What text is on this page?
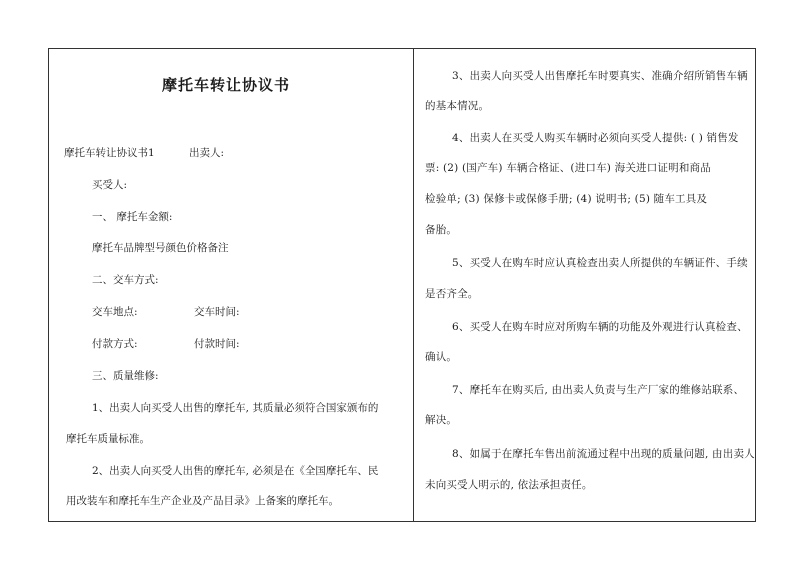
摩托车转让协议书
摩托车转让协议书1	出卖人:
买受人:
一、 摩托车金额:
摩托车品牌型号颜色价格备注
二、交车方式:
交车地点:	交车时间:
付款方式:	付款时间:
三、质量维修:
1、出卖人向买受人出售的摩托车, 其质量必须符合国家颁布的
摩托车质量标准。
2、出卖人向买受人出售的摩托车, 必须是在《全国摩托车、民
用改装车和摩托车生产企业及产品目录》上备案的摩托车。
3、出卖人向买受人出售摩托车时要真实、准确介绍所销售车辆
的基本情况。
4、出卖人在买受人购买车辆时必须向买受人提供: ( ) 销售发
票: (2) (国产车) 车辆合格证、(进口车) 海关进口证明和商品
检验单; (3) 保修卡或保修手册; (4) 说明书; (5) 随车工具及
备胎。
5、买受人在购车时应认真检查出卖人所提供的车辆证件、手续
是否齐全。
6、买受人在购车时应对所购车辆的功能及外观进行认真检查、
确认。
7、摩托车在购买后, 由出卖人负责与生产厂家的维修站联系、
解决。
8、如属于在摩托车售出前流通过程中出现的质量问题, 由出卖人
未向买受人明示的, 依法承担责任。
